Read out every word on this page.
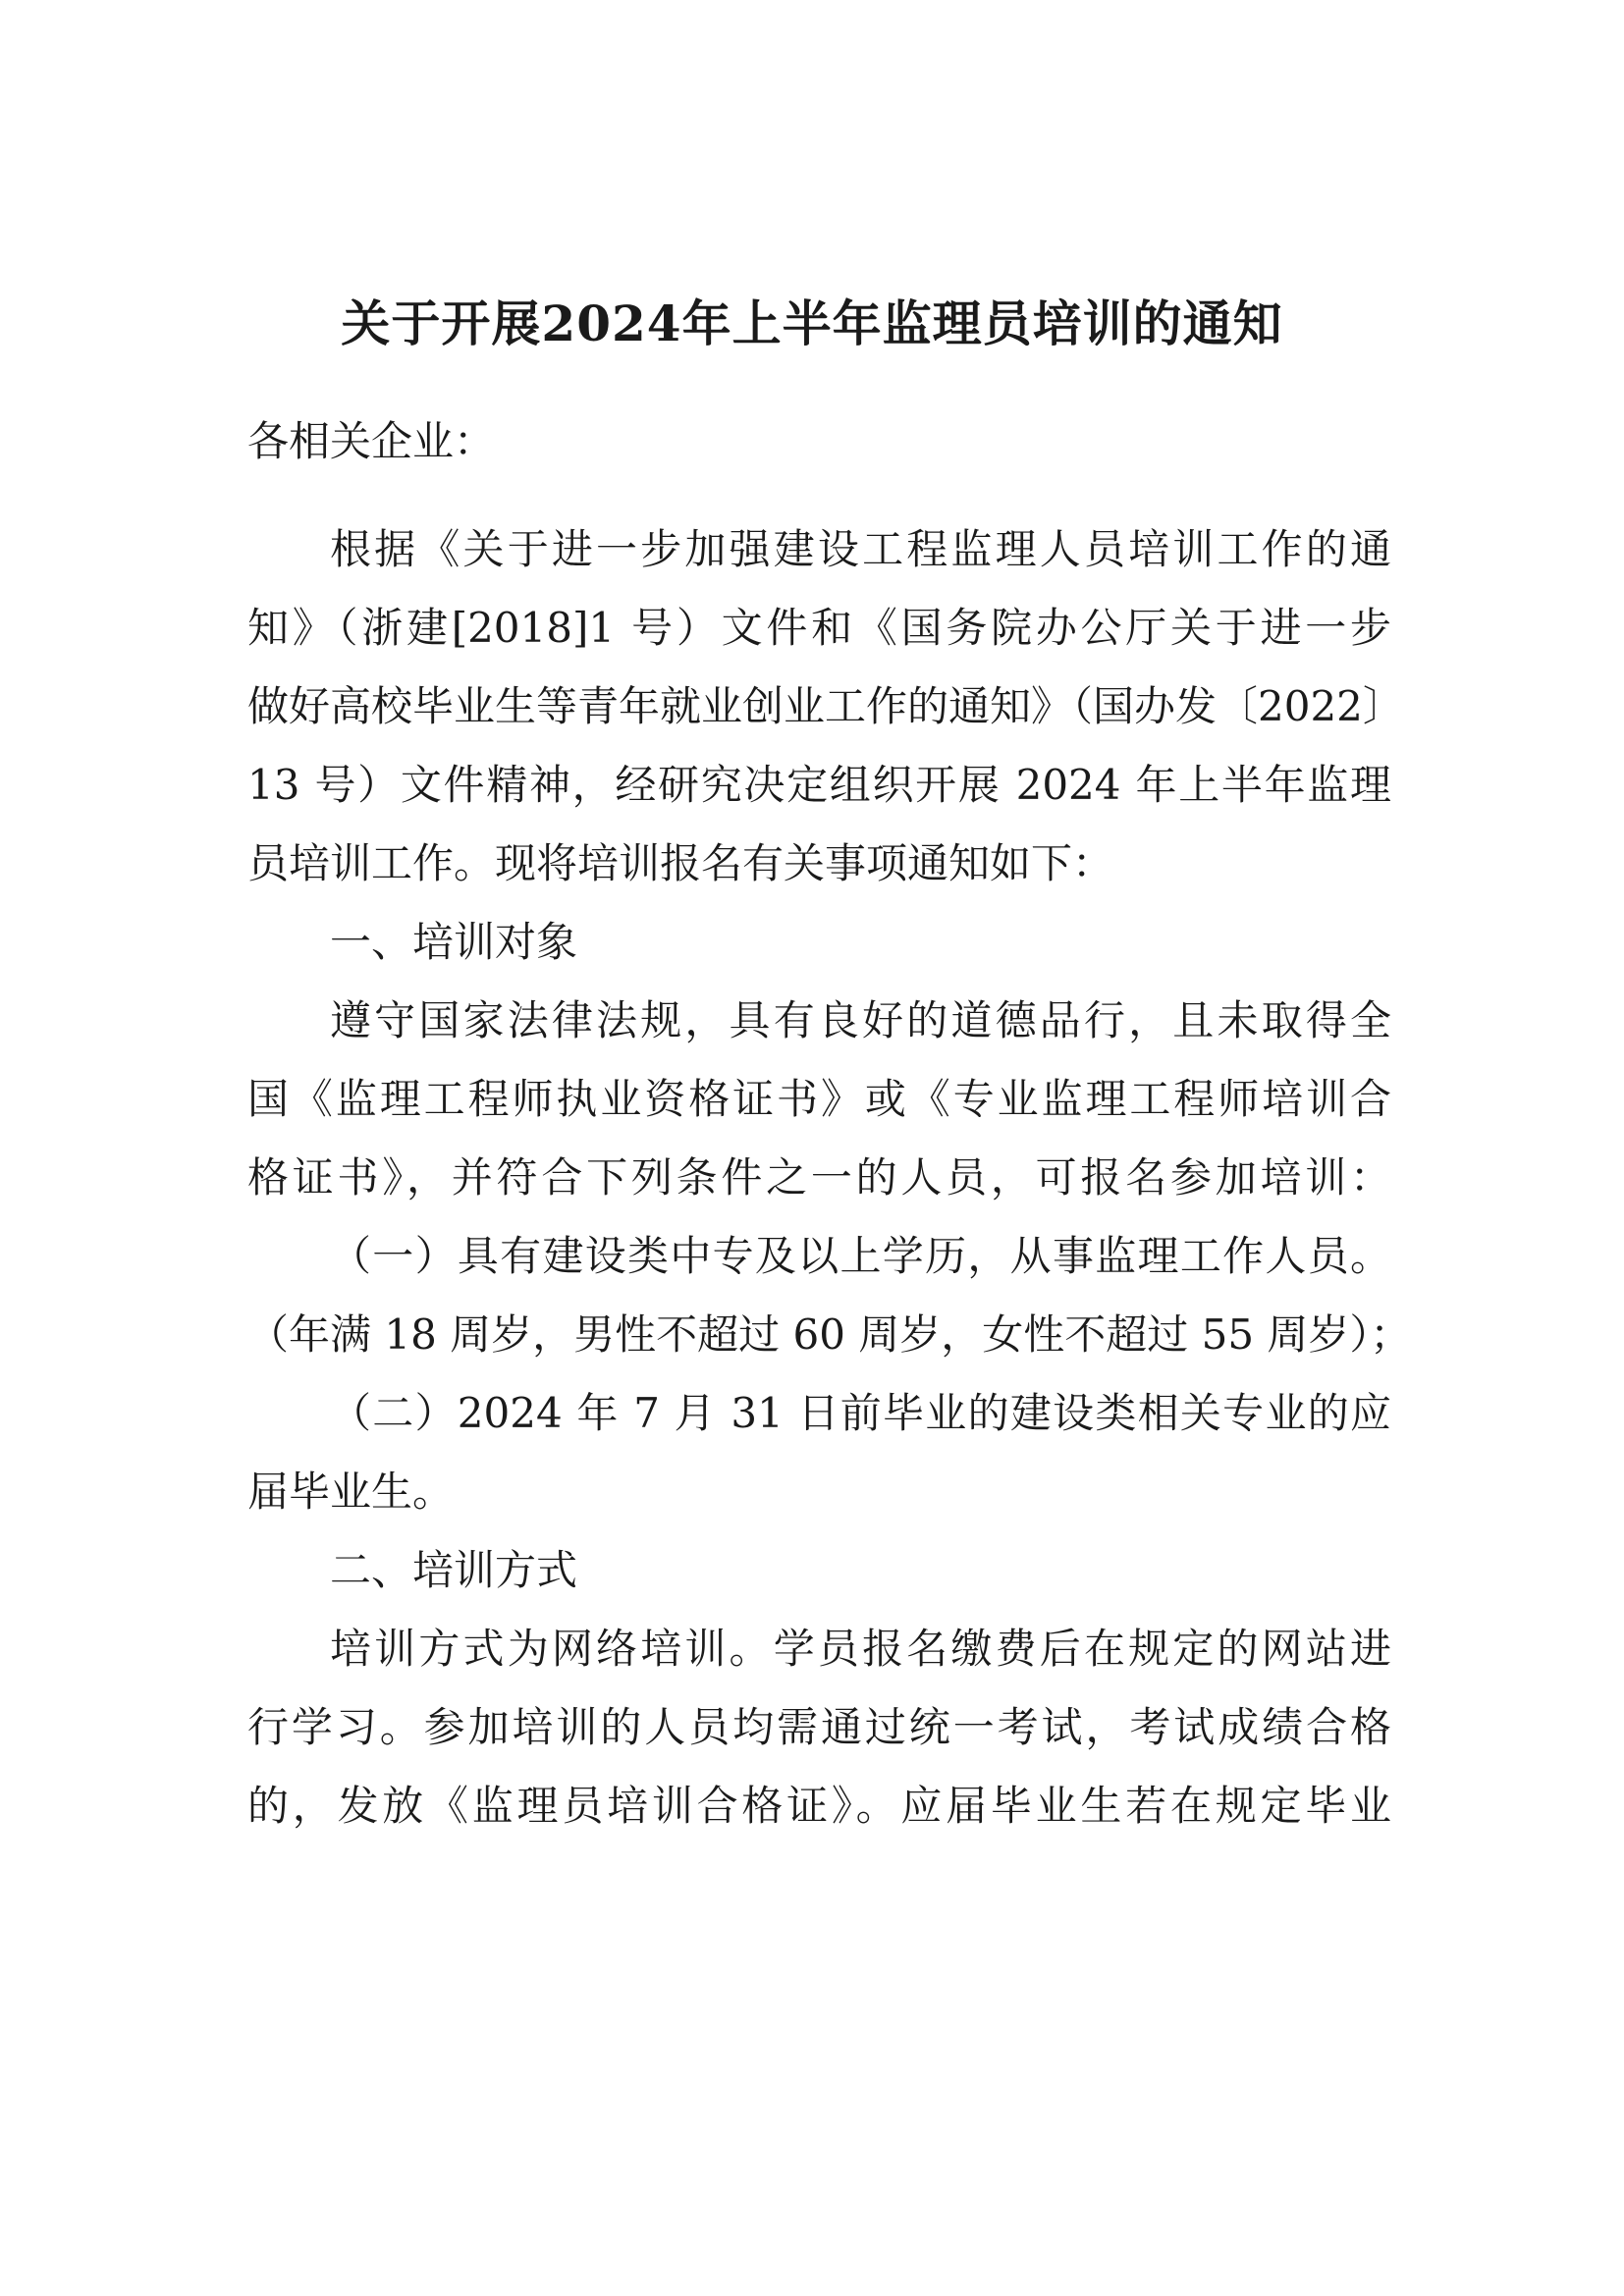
关于开展2024年上半年监理员培训的通知
各相关企业：
根据《关于进一步加强建设工程监理人员培训工作的通
知》（浙建[2018]1 号）文件和《国务院办公厅关于进一步
做好高校毕业生等青年就业创业工作的通知》（国办发〔2022〕
13 号）文件精神，经研究决定组织开展 2024 年上半年监理
员培训工作。现将培训报名有关事项通知如下：
一、培训对象
遵守国家法律法规，具有良好的道德品行，且未取得全
国《监理工程师执业资格证书》或《专业监理工程师培训合
格证书》，并符合下列条件之一的人员，可报名参加培训：
（一）具有建设类中专及以上学历，从事监理工作人员。
（年满 18 周岁，男性不超过 60 周岁，女性不超过 55 周岁）；
（二）2024 年 7 月 31 日前毕业的建设类相关专业的应
届毕业生。
二、培训方式
培训方式为网络培训。学员报名缴费后在规定的网站进
行学习。参加培训的人员均需通过统一考试，考试成绩合格
的，发放《监理员培训合格证》。应届毕业生若在规定毕业
